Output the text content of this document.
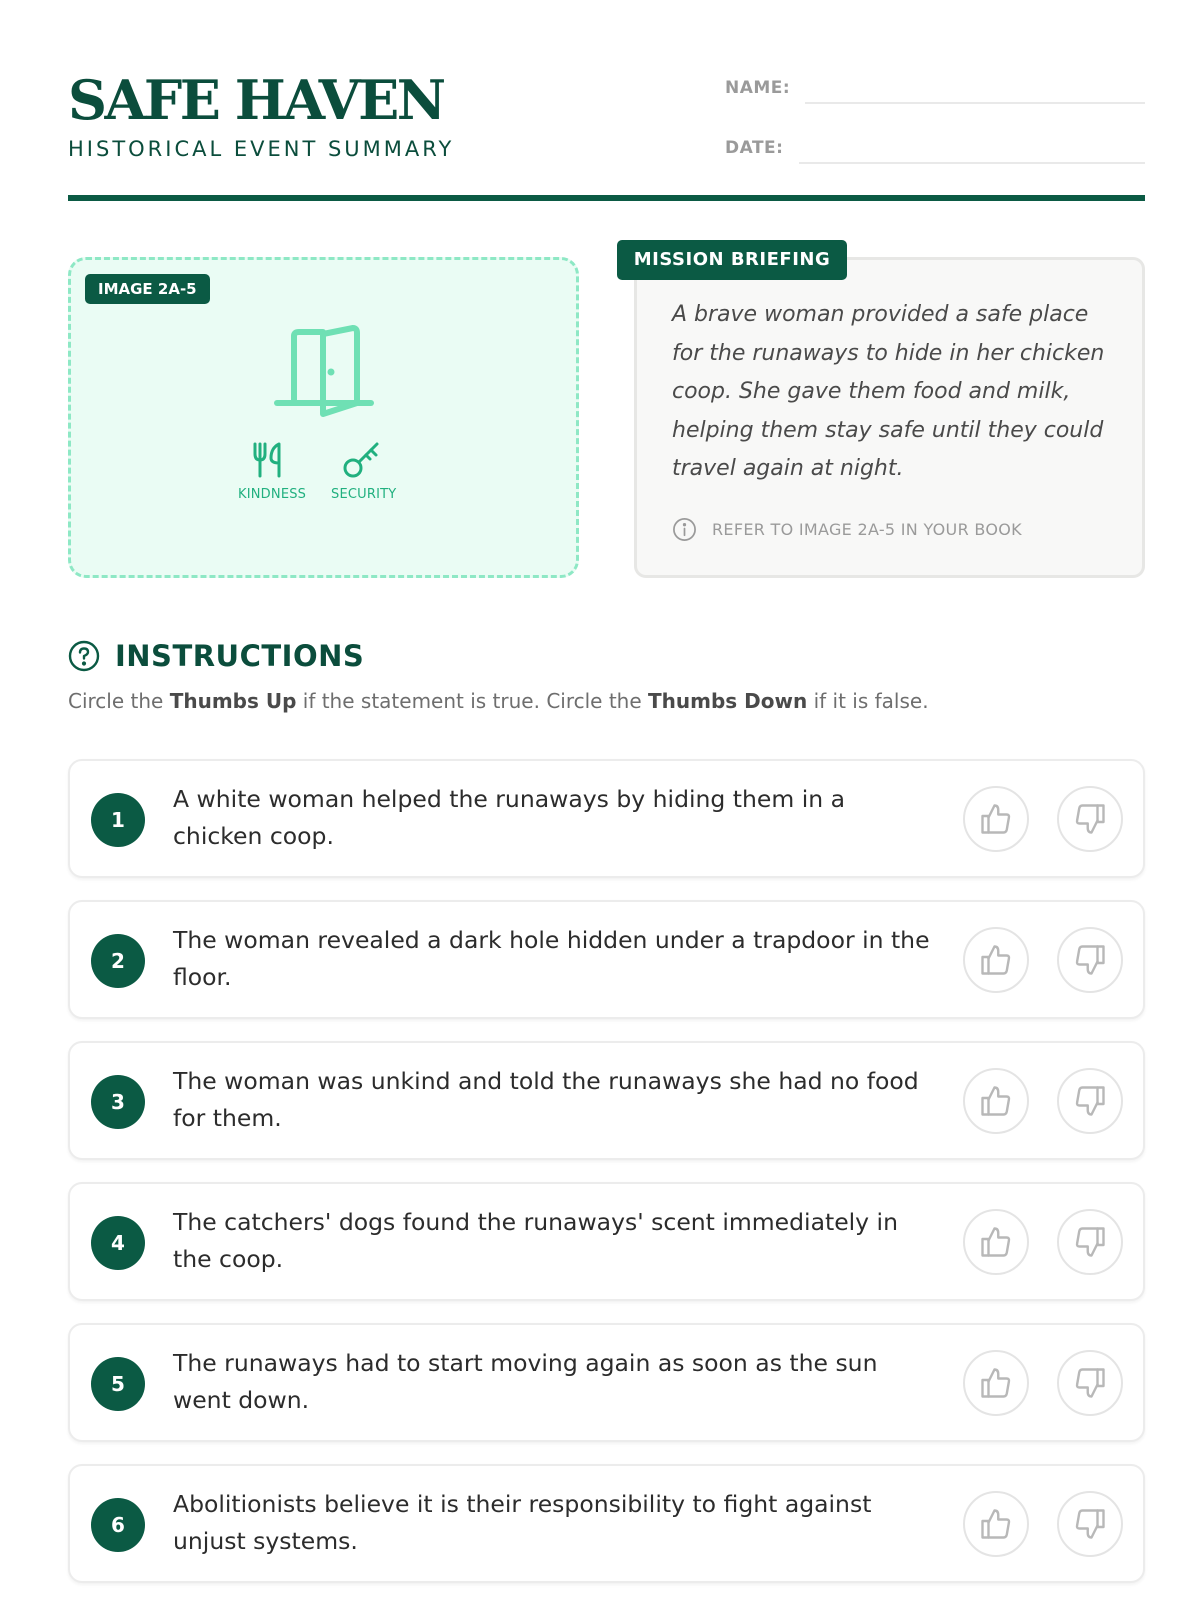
SAFE HAVEN
HISTORICAL EVENT SUMMARY
NAME:
DATE:
IMAGE 2A-5
KINDNESS SECURITY
A brave woman provided a safe place for the runaways to hide in her chicken coop. She gave them food and milk, helping them stay safe until they could travel again at night.
REFER TO IMAGE 2A-5 IN YOUR BOOK
MISSION BRIEFING
INSTRUCTIONS
Circle the Thumbs Up if the statement is true. Circle the Thumbs Down if it is false.
1
A white woman helped the runaways by hiding them in a chicken coop.
2
The woman revealed a dark hole hidden under a trapdoor in the floor.
3
The woman was unkind and told the runaways she had no food for them.
4
The catchers' dogs found the runaways' scent immediately in the coop.
5
The runaways had to start moving again as soon as the sun went down.
6
Abolitionists believe it is their responsibility to fight against unjust systems.
